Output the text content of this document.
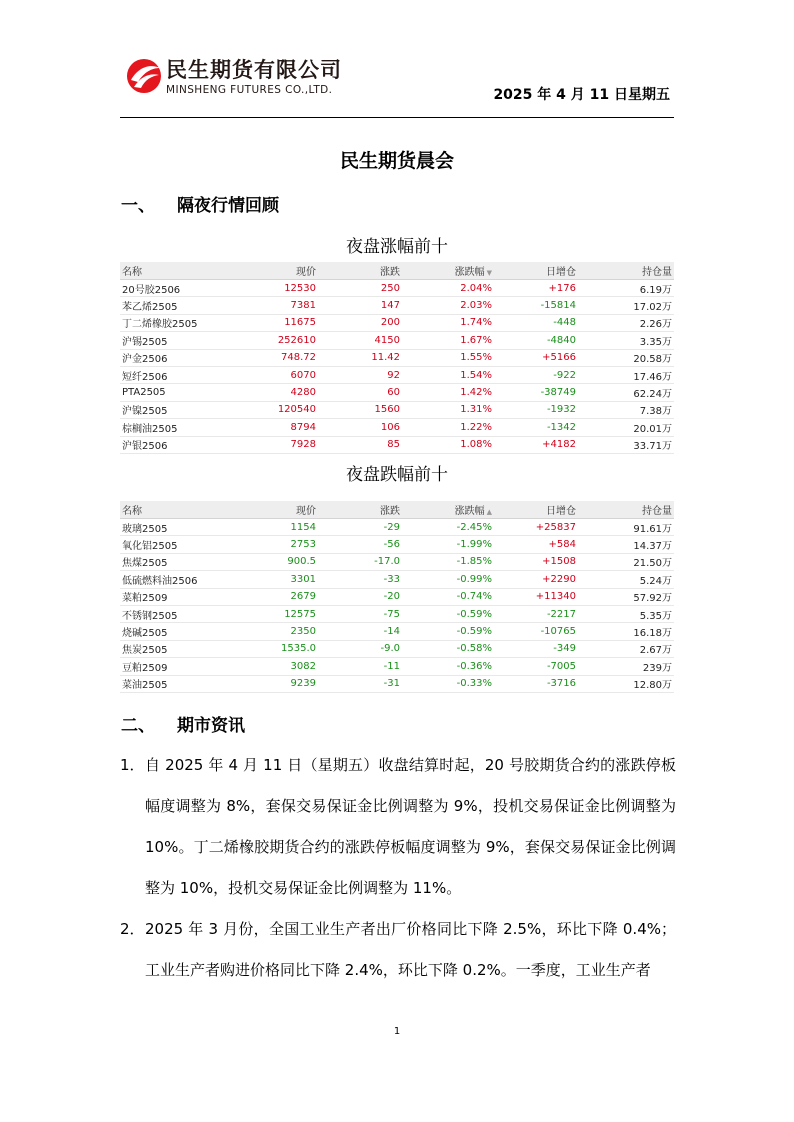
民生期货有限公司
MINSHENG FUTURES CO.,LTD.	2025 年 4 月 11 日星期五
民生期货晨会
一、 隔夜行情回顾
夜盘涨幅前十
名称	现价	涨跌	涨跌幅 ▼	日增仓	持仓量
20号胶2506	12530	250	2.04%	+176	6.19万
苯乙烯2505	7381	147	2.03%	-15814	17.02万
丁二烯橡胶2505	11675	200	1.74%	-448	2.26万
沪锡2505	252610	4150	1.67%	-4840	3.35万
沪金2506	748.72	11.42	1.55%	+5166	20.58万
短纤2506	6070	92	1.54%	-922	17.46万
PTA2505	4280	60	1.42%	-38749	62.24万
沪镍2505	120540	1560	1.31%	-1932	7.38万
棕榈油2505	8794	106	1.22%	-1342	20.01万
沪银2506	7928	85	1.08%	+4182	33.71万
夜盘跌幅前十
名称	现价	涨跌	涨跌幅 ▲	日增仓	持仓量
玻璃2505	1154	-29	-2.45%	+25837	91.61万
氧化铝2505	2753	-56	-1.99%	+584	14.37万
焦煤2505	900.5	-17.0	-1.85%	+1508	21.50万
低硫燃料油2506	3301	-33	-0.99%	+2290	5.24万
菜粕2509	2679	-20	-0.74%	+11340	57.92万
不锈钢2505	12575	-75	-0.59%	-2217	5.35万
烧碱2505	2350	-14	-0.59%	-10765	16.18万
焦炭2505	1535.0	-9.0	-0.58%	-349	2.67万
豆粕2509	3082	-11	-0.36%	-7005	239万
菜油2505	9239	-31	-0.33%	-3716	12.80万
二、 期市资讯
1． 自 2025 年 4 月 11 日（星期五）收盘结算时起，20 号胶期货合约的涨跌停板幅度调整为 8%，套保交易保证金比例调整为 9%，投机交易保证金比例调整为 10%。丁二烯橡胶期货合约的涨跌停板幅度调整为 9%，套保交易保证金比例调整为 10%，投机交易保证金比例调整为 11%。
2． 2025 年 3 月份，全国工业生产者出厂价格同比下降 2.5%，环比下降 0.4%；工业生产者购进价格同比下降 2.4%，环比下降 0.2%。一季度，工业生产者
1
